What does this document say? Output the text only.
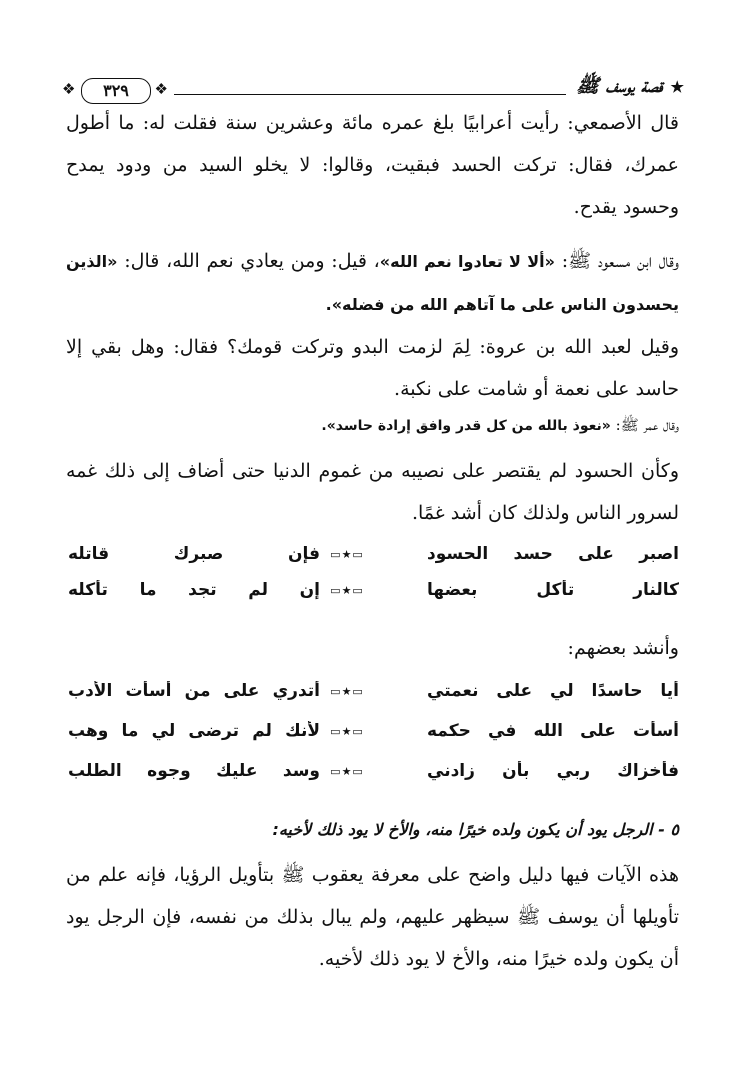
★قصة يوسف ﷺ
❖	٣٢٩	❖

قال الأصمعي: رأيت أعرابيًا بلغ عمره مائة وعشرين سنة فقلت له: ما أطول عمرك، فقال: تركت الحسد فبقيت، وقالوا: لا يخلو السيد من ودود يمدح وحسود يقدح.

وقال ابن مسعود ﷺ: «ألا لا تعادوا نعم الله»، قيل: ومن يعادي نعم الله، قال: «الذين يحسدون الناس على ما آتاهم الله من فضله».

وقيل لعبد الله بن عروة: لِمَ لزمت البدو وتركت قومك؟ فقال: وهل بقي إلا حاسد على نعمة أو شامت على نكبة.

وقال عمر ﷺ: «نعوذ بالله من كل قدر وافق إرادة حاسد».

وكأن الحسود لم يقتصر على نصيبه من غموم الدنيا حتى أضاف إلى ذلك غمه لسرور الناس ولذلك كان أشد غمًا.

اصبر على حسد الحسود
▭★▭
فإن صبرك قاتله
كالنار تأكل بعضها
▭★▭
إن لم تجد ما تأكله

وأنشد بعضهم:

أيا حاسدًا لي على نعمتي
▭★▭
أتدري على من أسأت الأدب
أسأت على الله في حكمه
▭★▭
لأنك لم ترضى لي ما وهب
فأخزاك ربي بأن زادني
▭★▭
وسد عليك وجوه الطلب
٥ - الرجل يود أن يكون ولده خيرًا منه، والأخ لا يود ذلك لأخيه:

هذه الآيات فيها دليل واضح على معرفة يعقوب ﷺ بتأويل الرؤيا، فإنه علم من تأويلها أن يوسف ﷺ سيظهر عليهم، ولم يبال بذلك من نفسه، فإن الرجل يود أن يكون ولده خيرًا منه، والأخ لا يود ذلك لأخيه.
